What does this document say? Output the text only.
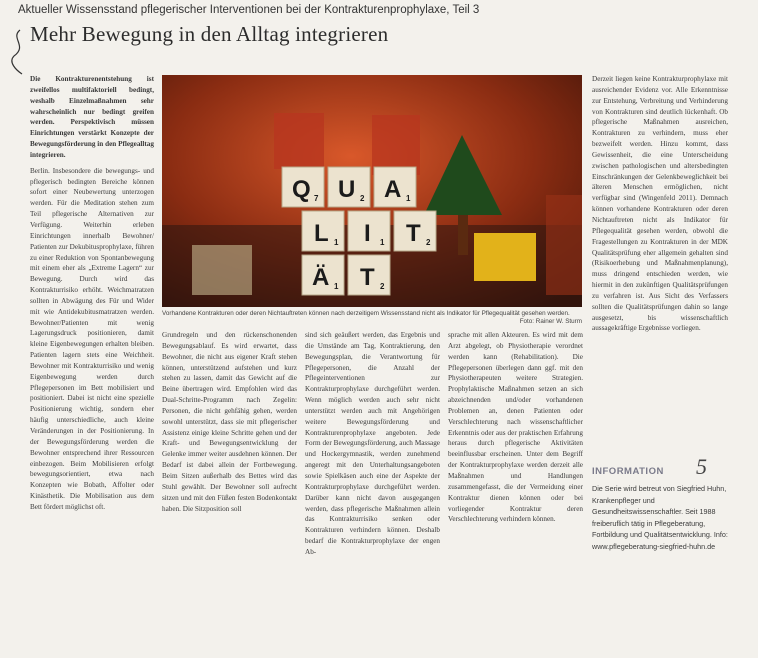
Aktueller Wissensstand pflegerischer Interventionen bei der Kontrakturenprophylaxe, Teil 3
Mehr Bewegung in den Alltag integrieren

Die Kontrakturenentstehung ist zweifellos multifaktoriell bedingt, weshalb Einzelmaßnahmen sehr wahrscheinlich nur bedingt greifen werden. Perspektivisch müssen Einrichtungen verstärkt Konzepte der Bewegungsförderung in den Pflegealltag integrieren.

Berlin. Insbesondere die bewegungs- und pflegerisch bedingten Bereiche können sofort einer Neubewertung unterzogen werden. Für die Meditation stehen zum Teil pflegerische Alternativen zur Verfügung. Weiterhin erleben Einrichtungen innerhalb Bewohner/ Patienten zur Dekubitusprophylaxe, führen zu einer Reduktion von Spontanbewegung mit einem eher als „Extreme Lagern“ zur Bewegung. Durch wird das Kontrakturrisiko erhöht. Weichmatratzen sollten in Abwägung des Für und Wider mit wie Antidekubitusmatratzen werden. Bewohner/Patienten mit wenig Lagerungsdruck positionieren, damit kleine Eigenbewegungen erhalten bleiben. Patienten lagern stets eine Weichheit. Bewohner mit Kontrakturrisiko und wenig Eigenbewegung werden durch Pflegepersonen im Bett mobilisiert und positioniert. Dabei ist nicht eine spezielle Positionierung wichtig, sondern eher häufig unterschiedliche, auch kleine Veränderungen in der Positionierung. In der Bewegungsförderung werden die Bewohner entsprechend ihrer Ressourcen einbezogen. Beim Mobilisieren erfolgt bewegungsorientiert, etwa nach Konzepten wie Bobath, Affolter oder Kinästhetik. Die Mobilisation aus dem Bett fördert möglichst oft.

Q 7 U 2 A 1
L 1 I 1 T 2
Ä 1 T 2
Vorhandene Kontrakturen oder deren Nichtauftreten können nach derzeitigem Wissensstand nicht als Indikator für Pflegequalität gesehen werden.
Foto: Rainer W. Sturm

Grundregeln und den rückenschonenden Bewegungsablauf. Es wird erwartet, dass Bewohner, die nicht aus eigener Kraft stehen können, unterstützend aufstehen und kurz stehen zu lassen, damit das Gewicht auf die Beine übertragen wird. Empfohlen wird das Dual-Schritte-Programm nach Zegelin: Personen, die nicht gehfähig gehen, werden sowohl unterstützt, dass sie mit pflegerischer Assistenz einige kleine Schritte gehen und der Kraft- und Bewegungsentwicklung der Gelenke immer weiter ausdehnen können. Der Bedarf ist dabei allein der Fortbewegung. Beim Sitzen außerhalb des Bettes wird das Stuhl gewählt. Der Bewohner soll aufrecht sitzen und mit den Füßen festen Bodenkontakt haben. Die Sitzposition soll

sind sich geäußert werden, das Ergebnis und die Umstände am Tag, Kontraktierung, den Bewegungsplan, die Verantwortung für Pflegepersonen, die Anzahl der Pflegeinterventionen zur Kontrakturprophylaxe durchgeführt werden. Wenn möglich werden auch sehr nicht unterstützt werden auch mit Angehörigen weitere Bewegungsförderung und Kontrakturenprophylaxe angeboten. Jede Form der Bewegungsförderung, auch Massage und Hockergymnastik, werden zunehmend angeregt mit den Unterhaltungsangeboten sowie Spielkäsen auch eine der Aspekte der Kontrakturprophylaxe durchgeführt werden. Darüber kann nicht davon ausgegangen werden, dass pflegerische Maßnahmen allein das Kontrakturrisiko senken oder Kontrakturen verhindern können. Deshalb bedarf die Kontrakturprophylaxe der engen Ab-

sprache mit allen Akteuren. Es wird mit dem Arzt abgelegt, ob Physiotherapie verordnet werden kann (Rehabilitation). Die Pflegepersonen überlegen dann ggf. mit den Physiotherapeuten weitere Strategien. Prophylaktische Maßnahmen setzen an sich abzeichnenden und/oder vorhandenen Problemen an, denen Patienten oder Verschlechterung nach wissenschaftlicher Erkenntnis oder aus der praktischen Erfahrung heraus durch pflegerische Aktivitäten beeinflussbar erscheinen. Unter dem Begriff der Kontrakturprophylaxe werden derzeit alle Maßnahmen und Handlungen zusammengefasst, die der Vermeidung einer Kontraktur dienen können oder bei vorliegender Kontraktur deren Verschlechterung verhindern können.

Derzeit liegen keine Kontrakturprophylaxe mit ausreichender Evidenz vor. Alle Erkenntnisse zur Entstehung, Verbreitung und Verhinderung von Kontrakturen sind deutlich lückenhaft. Ob pflegerische Maßnahmen ausreichen, Kontrakturen zu verhindern, muss eher bezweifelt werden. Hinzu kommt, dass Gewissenheit, die eine Unterscheidung zwischen pathologischen und altersbedingten Einschränkungen der Gelenkbeweglichkeit bei älteren Menschen ermöglichen, nicht verfügbar sind (Wingenfeld 2011). Demnach können vorhandene Kontrakturen oder deren Nichtauftreten nicht als Indikator für Pflegequalität gesehen werden, obwohl die Fragestellungen zu Kontrakturen in der MDK Qualitätsprüfung eher allgemein gehalten sind (Risikoerhebung und Maßnahmenplanung), muss dringend entschieden werden, wie hiermit in den zukünftigen Qualitätsprüfungen zu verfahren ist. Aus Sicht des Verfassers sollten die Qualitätsprüfungen dahin so lange ausgesetzt, bis wissenschaftlich aussagekräftige Ergebnisse vorliegen.

INFORMATION	5
Die Serie wird betreut von Siegfried Huhn, Krankenpfleger und Gesundheitswissenschaftler. Seit 1988 freiberuflich tätig in Pflegeberatung, Fortbildung und Qualitätsentwicklung. Info: www.pflegeberatung-siegfried-huhn.de
